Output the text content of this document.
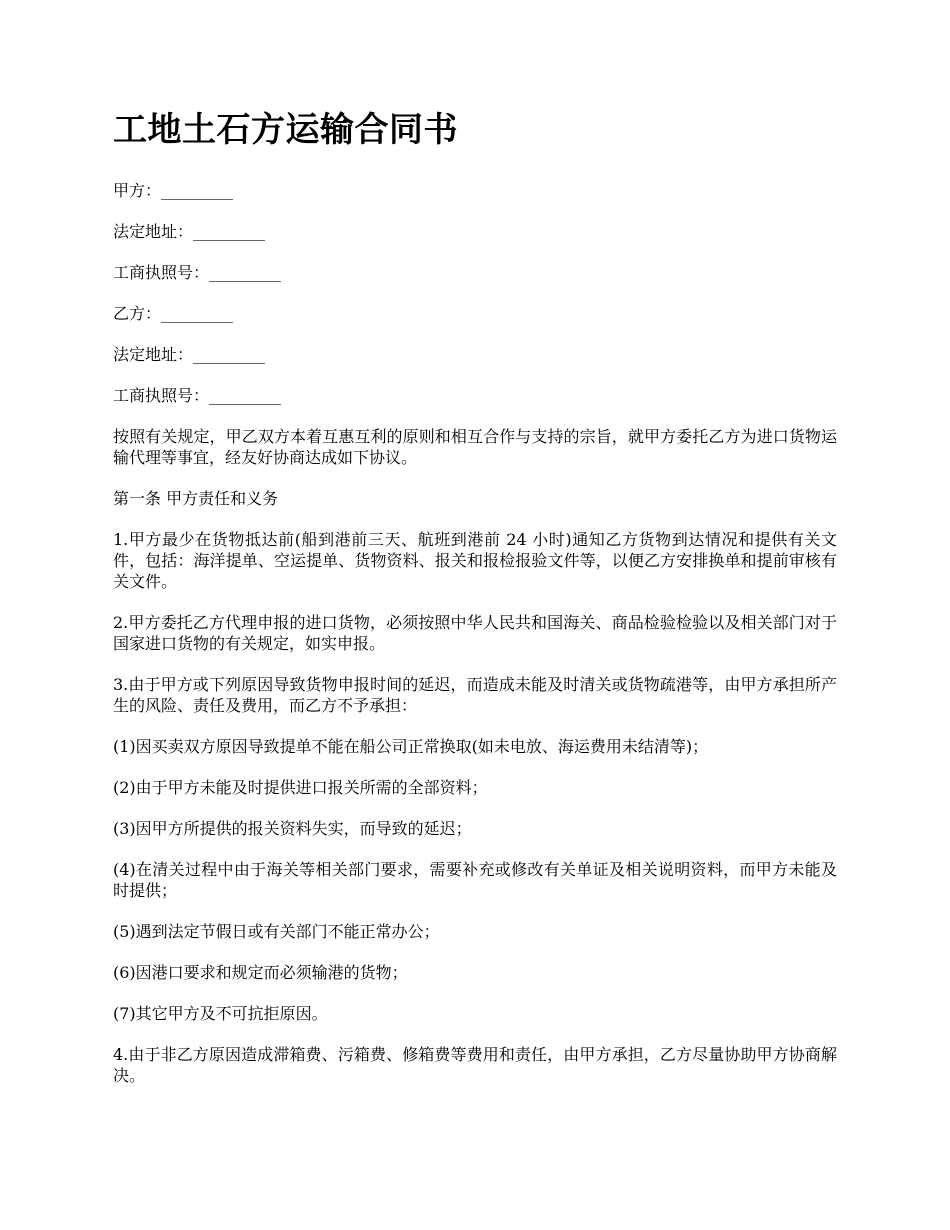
工地土石方运输合同书

甲方：_________

法定地址：_________

工商执照号：_________

乙方：_________

法定地址：_________

工商执照号：_________

按照有关规定，甲乙双方本着互惠互利的原则和相互合作与支持的宗旨，就甲方委托乙方为进口货物运输代理等事宜，经友好协商达成如下协议。

第一条 甲方责任和义务

1.甲方最少在货物抵达前(船到港前三天、航班到港前 24 小时)通知乙方货物到达情况和提供有关文件，包括：海洋提单、空运提单、货物资料、报关和报检报验文件等，以便乙方安排换单和提前审核有关文件。

2.甲方委托乙方代理申报的进口货物，必须按照中华人民共和国海关、商品检验检验以及相关部门对于国家进口货物的有关规定，如实申报。

3.由于甲方或下列原因导致货物申报时间的延迟，而造成未能及时清关或货物疏港等，由甲方承担所产生的风险、责任及费用，而乙方不予承担：

(1)因买卖双方原因导致提单不能在船公司正常换取(如未电放、海运费用未结清等)；

(2)由于甲方未能及时提供进口报关所需的全部资料；

(3)因甲方所提供的报关资料失实，而导致的延迟；

(4)在清关过程中由于海关等相关部门要求，需要补充或修改有关单证及相关说明资料，而甲方未能及时提供；

(5)遇到法定节假日或有关部门不能正常办公；

(6)因港口要求和规定而必须输港的货物；

(7)其它甲方及不可抗拒原因。

4.由于非乙方原因造成滞箱费、污箱费、修箱费等费用和责任，由甲方承担，乙方尽量协助甲方协商解决。
